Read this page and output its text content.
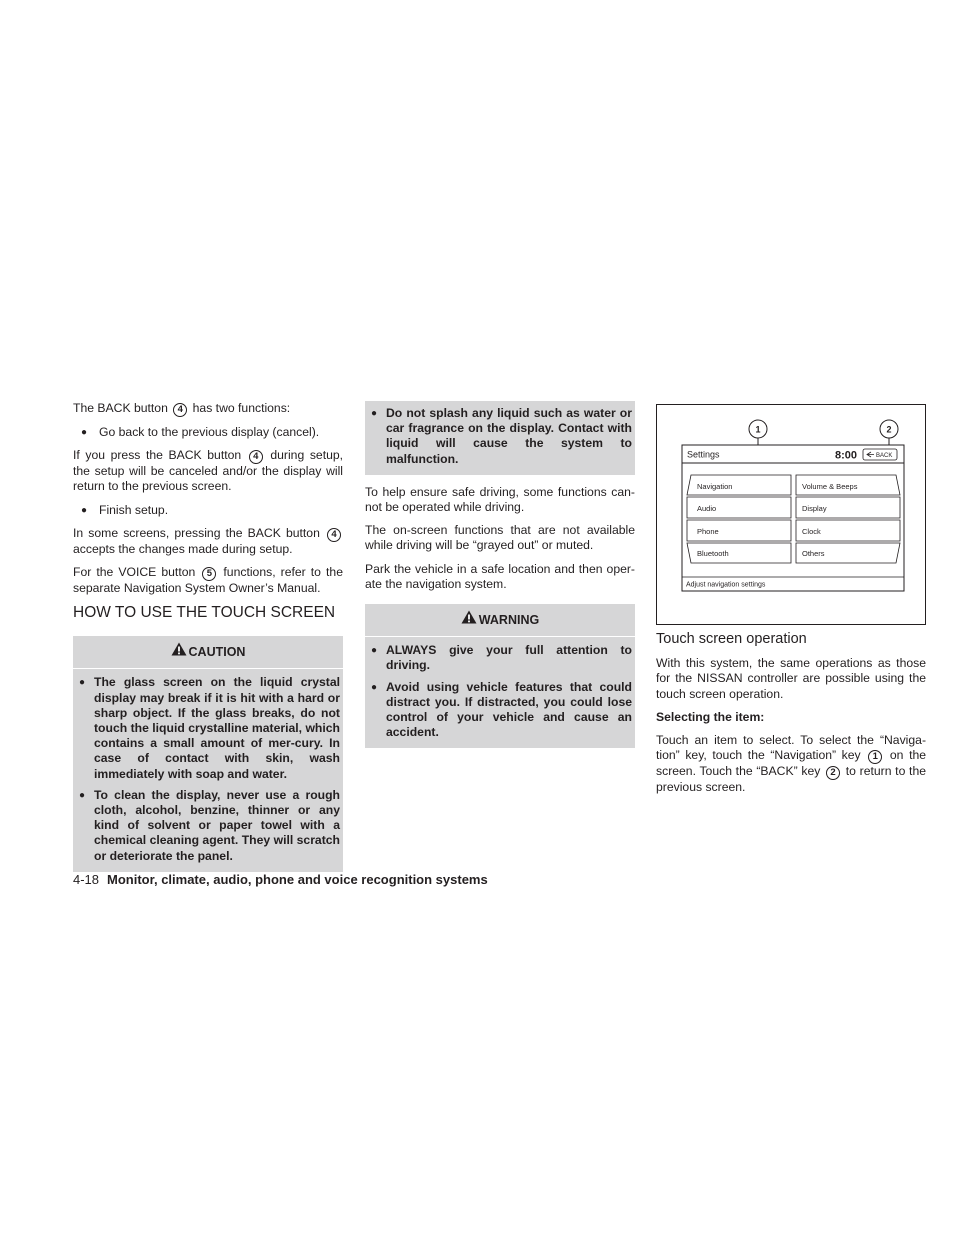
The BACK button 4 has two functions:

● Go back to the previous display (cancel).

If you press the BACK button 4 during setup, the setup will be canceled and/or the display will return to the previous screen.

● Finish setup.

In some screens, pressing the BACK button 4 accepts the changes made during setup.

For the VOICE button 5 functions, refer to the separate Navigation System Owner’s Manual.

HOW TO USE THE TOUCH SCREEN
CAUTION
● The glass screen on the liquid crystal display may break if it is hit with a hard or sharp object. If the glass breaks, do not touch the liquid crystalline material, which contains a small amount of mer-cury. In case of contact with skin, wash immediately with soap and water.
● To clean the display, never use a rough cloth, alcohol, benzine, thinner or any kind of solvent or paper towel with a chemical cleaning agent. They will scratch or deteriorate the panel.
● Do not splash any liquid such as water or car fragrance on the display. Contact with liquid will cause the system to malfunction.

To help ensure safe driving, some functions can-not be operated while driving.

The on-screen functions that are not available while driving will be “grayed out” or muted.

Park the vehicle in a safe location and then oper-ate the navigation system.

WARNING
● ALWAYS give your full attention to driving.
● Avoid using vehicle features that could distract you. If distracted, you could lose control of your vehicle and cause an accident.
1	2
Settings	8:00	BACK
Navigation
Audio
Phone
Bluetooth
Volume & Beeps
Display
Clock
Others
Adjust navigation settings
Touch screen operation

With this system, the same operations as those for the NISSAN controller are possible using the touch screen operation.

Selecting the item:

Touch an item to select. To select the “Naviga-tion” key, touch the “Navigation” key 1 on the screen. Touch the “BACK” key 2 to return to the previous screen.

4-18 Monitor, climate, audio, phone and voice recognition systems
